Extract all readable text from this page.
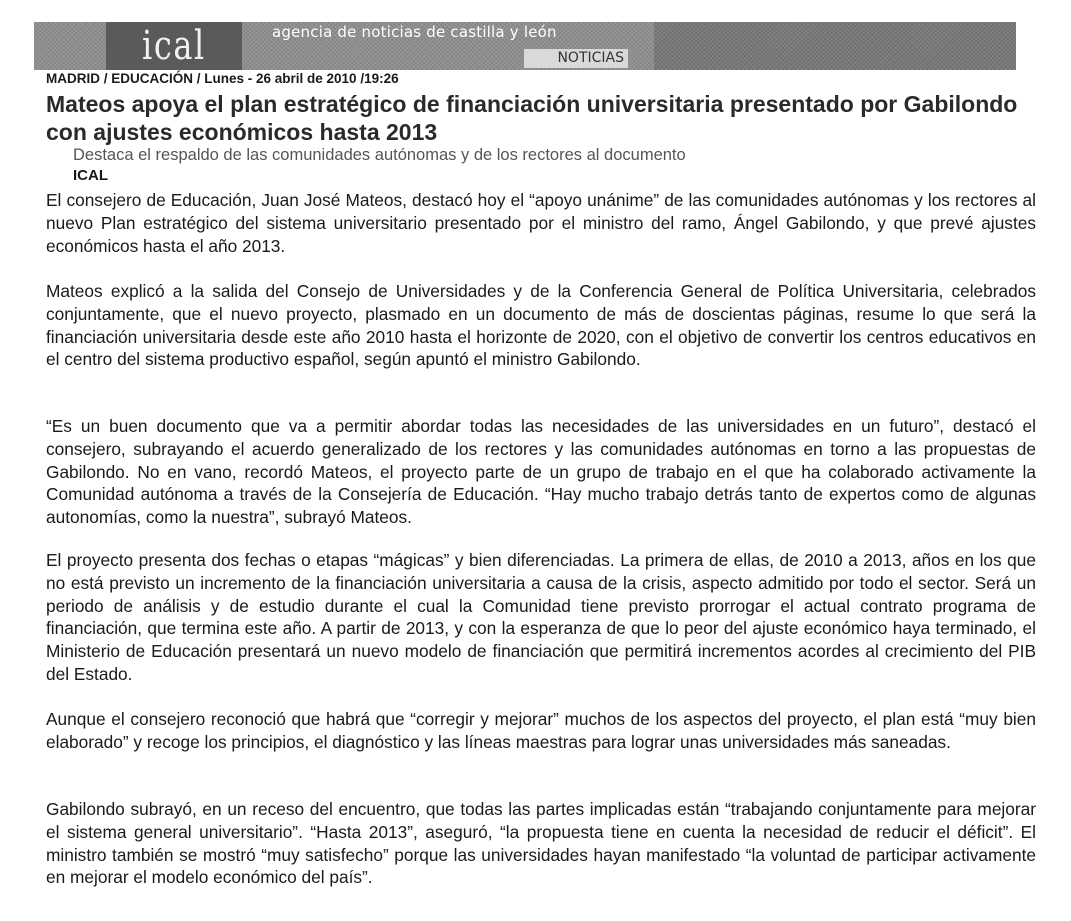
ical	agencia de noticias de castilla y león
NOTICIAS
MADRID / EDUCACIÓN / Lunes - 26 abril de 2010 /19:26
Mateos apoya el plan estratégico de financiación universitaria presentado por Gabilondo con ajustes económicos hasta 2013
Destaca el respaldo de las comunidades autónomas y de los rectores al documento
ICAL

El consejero de Educación, Juan José Mateos, destacó hoy el “apoyo unánime” de las comunidades autónomas y los rectores al nuevo Plan estratégico del sistema universitario presentado por el ministro del ramo, Ángel Gabilondo, y que prevé ajustes económicos hasta el año 2013.

Mateos explicó a la salida del Consejo de Universidades y de la Conferencia General de Política Universitaria, celebrados conjuntamente, que el nuevo proyecto, plasmado en un documento de más de doscientas páginas, resume lo que será la financiación universitaria desde este año 2010 hasta el horizonte de 2020, con el objetivo de convertir los centros educativos en el centro del sistema productivo español, según apuntó el ministro Gabilondo.

“Es un buen documento que va a permitir abordar todas las necesidades de las universidades en un futuro”, destacó el consejero, subrayando el acuerdo generalizado de los rectores y las comunidades autónomas en torno a las propuestas de Gabilondo. No en vano, recordó Mateos, el proyecto parte de un grupo de trabajo en el que ha colaborado activamente la Comunidad autónoma a través de la Consejería de Educación. “Hay mucho trabajo detrás tanto de expertos como de algunas autonomías, como la nuestra”, subrayó Mateos.

El proyecto presenta dos fechas o etapas “mágicas” y bien diferenciadas. La primera de ellas, de 2010 a 2013, años en los que no está previsto un incremento de la financiación universitaria a causa de la crisis, aspecto admitido por todo el sector. Será un periodo de análisis y de estudio durante el cual la Comunidad tiene previsto prorrogar el actual contrato programa de financiación, que termina este año. A partir de 2013, y con la esperanza de que lo peor del ajuste económico haya terminado, el Ministerio de Educación presentará un nuevo modelo de financiación que permitirá incrementos acordes al crecimiento del PIB del Estado.

Aunque el consejero reconoció que habrá que “corregir y mejorar” muchos de los aspectos del proyecto, el plan está “muy bien elaborado” y recoge los principios, el diagnóstico y las líneas maestras para lograr unas universidades más saneadas.

Gabilondo subrayó, en un receso del encuentro, que todas las partes implicadas están “trabajando conjuntamente para mejorar el sistema general universitario”. “Hasta 2013”, aseguró, “la propuesta tiene en cuenta la necesidad de reducir el déficit”. El ministro también se mostró “muy satisfecho” porque las universidades hayan manifestado “la voluntad de participar activamente en mejorar el modelo económico del país”.
